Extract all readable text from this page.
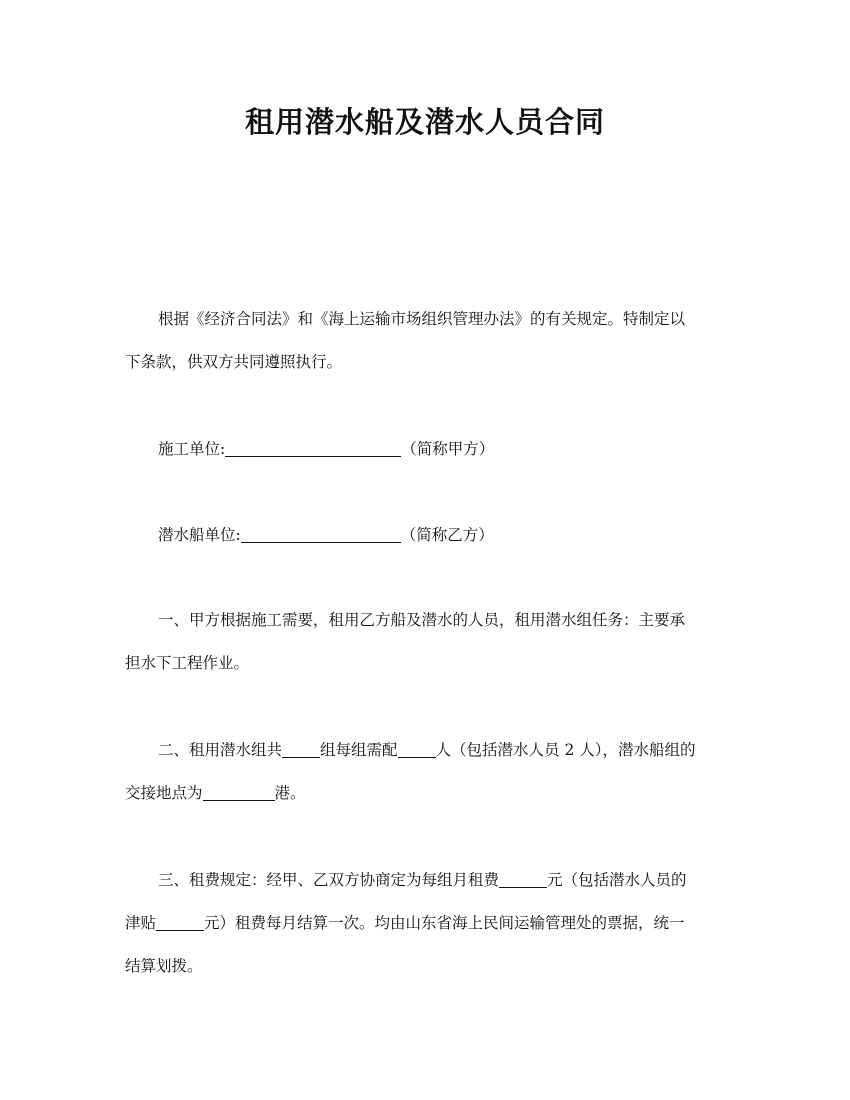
租用潜水船及潜水人员合同
根据《经济合同法》和《海上运输市场组织管理办法》的有关规定。特制定以
下条款，供双方共同遵照执行。
施工单位:	（简称甲方）
潜水船单位:	（简称乙方）
一、甲方根据施工需要，租用乙方船及潜水的人员，租用潜水组任务：主要承
担水下工程作业。
二、租用潜水组共 组每组需配 人（包括潜水人员 2 人），潜水船组的
交接地点为	港。
三、租费规定：经甲、乙双方协商定为每组月租费	元（包括潜水人员的
津贴	元）租费每月结算一次。均由山东省海上民间运输管理处的票据，统一
结算划拨。
